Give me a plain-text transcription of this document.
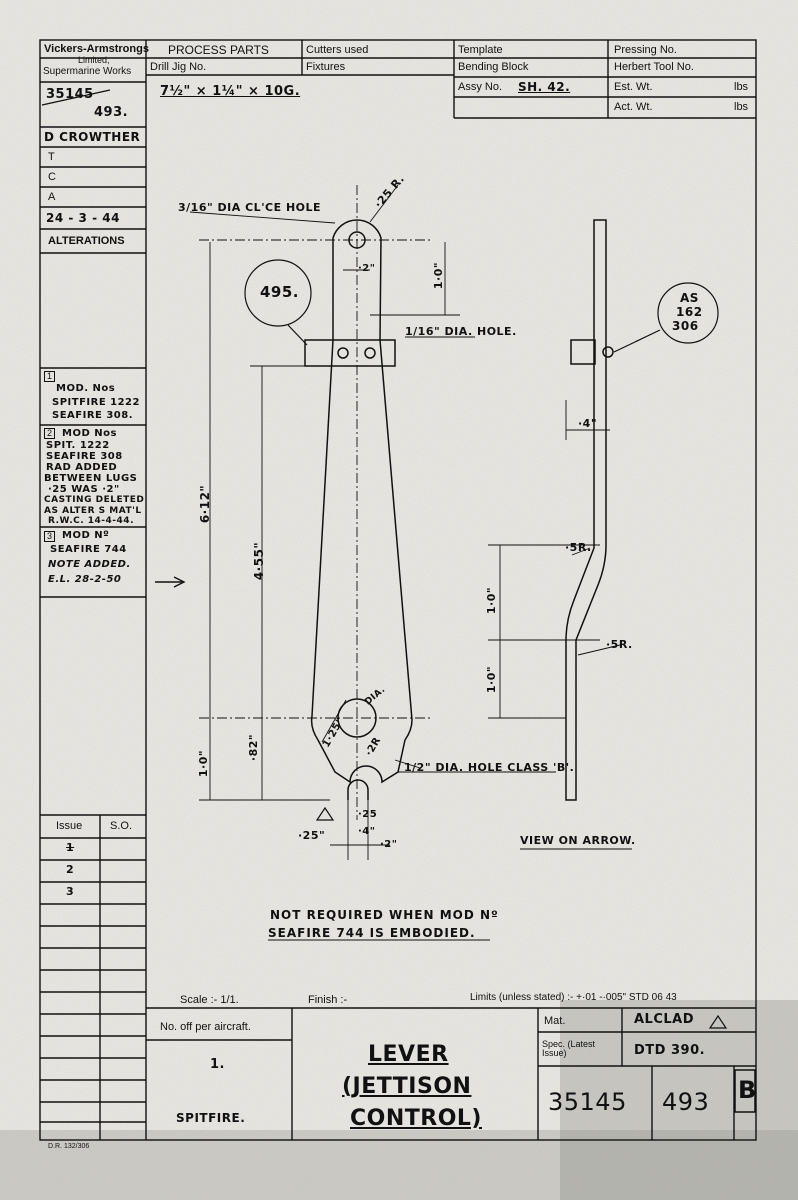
Vickers-Armstrongs
Limited,
Supermarine Works
35145
493.
D CROWTHER
T
C
A
24 - 3 - 44
ALTERATIONS
1
MOD. Nos
SPITFIRE 1222
SEAFIRE 308.
2 MOD Nos
SPIT. 1222
SEAFIRE 308
RAD ADDED
BETWEEN LUGS
·25 WAS ·2"
CASTING DELETED
AS ALTER S MAT'L
R.W.C. 14-4-44.
3 MOD Nº
SEAFIRE 744
NOTE ADDED.
E.L. 28-2-50
Issue	S.O.
1
2
3
D.R. 132/306
PROCESS PARTS	Cutters used	Template	Pressing No.
Drill Jig No.	Fixtures	Bending Block	Herbert Tool No.
7½" × 1¼" × 10G.	Assy No. SH. 42.	Est. Wt.	lbs
Act. Wt.	lbs
3/16" DIA CL'CE HOLE	·25 R.
·2"	1·0"
495.
1/16" DIA. HOLE.
AS
162
306
6·12"
4·55"
·4"
·5R.
·5R.
1·0"
1·0"
DIA.
1·25"
·82"	·2R
1·0"	1/2" DIA. HOLE CLASS 'B'.
·25
·25"	·4"
·2"	VIEW ON ARROW.
NOT REQUIRED WHEN MOD Nº
SEAFIRE 744 IS EMBODIED.
Scale :- 1/1.	Finish :-	Limits (unless stated) :- +·01 -·005" STD 06 43
No. off per aircraft.
1.
SPITFIRE.
LEVER
(JETTISON
CONTROL)
Mat.	ALCLAD
Spec. (Latest Issue)	DTD 390.
35145 493 B
